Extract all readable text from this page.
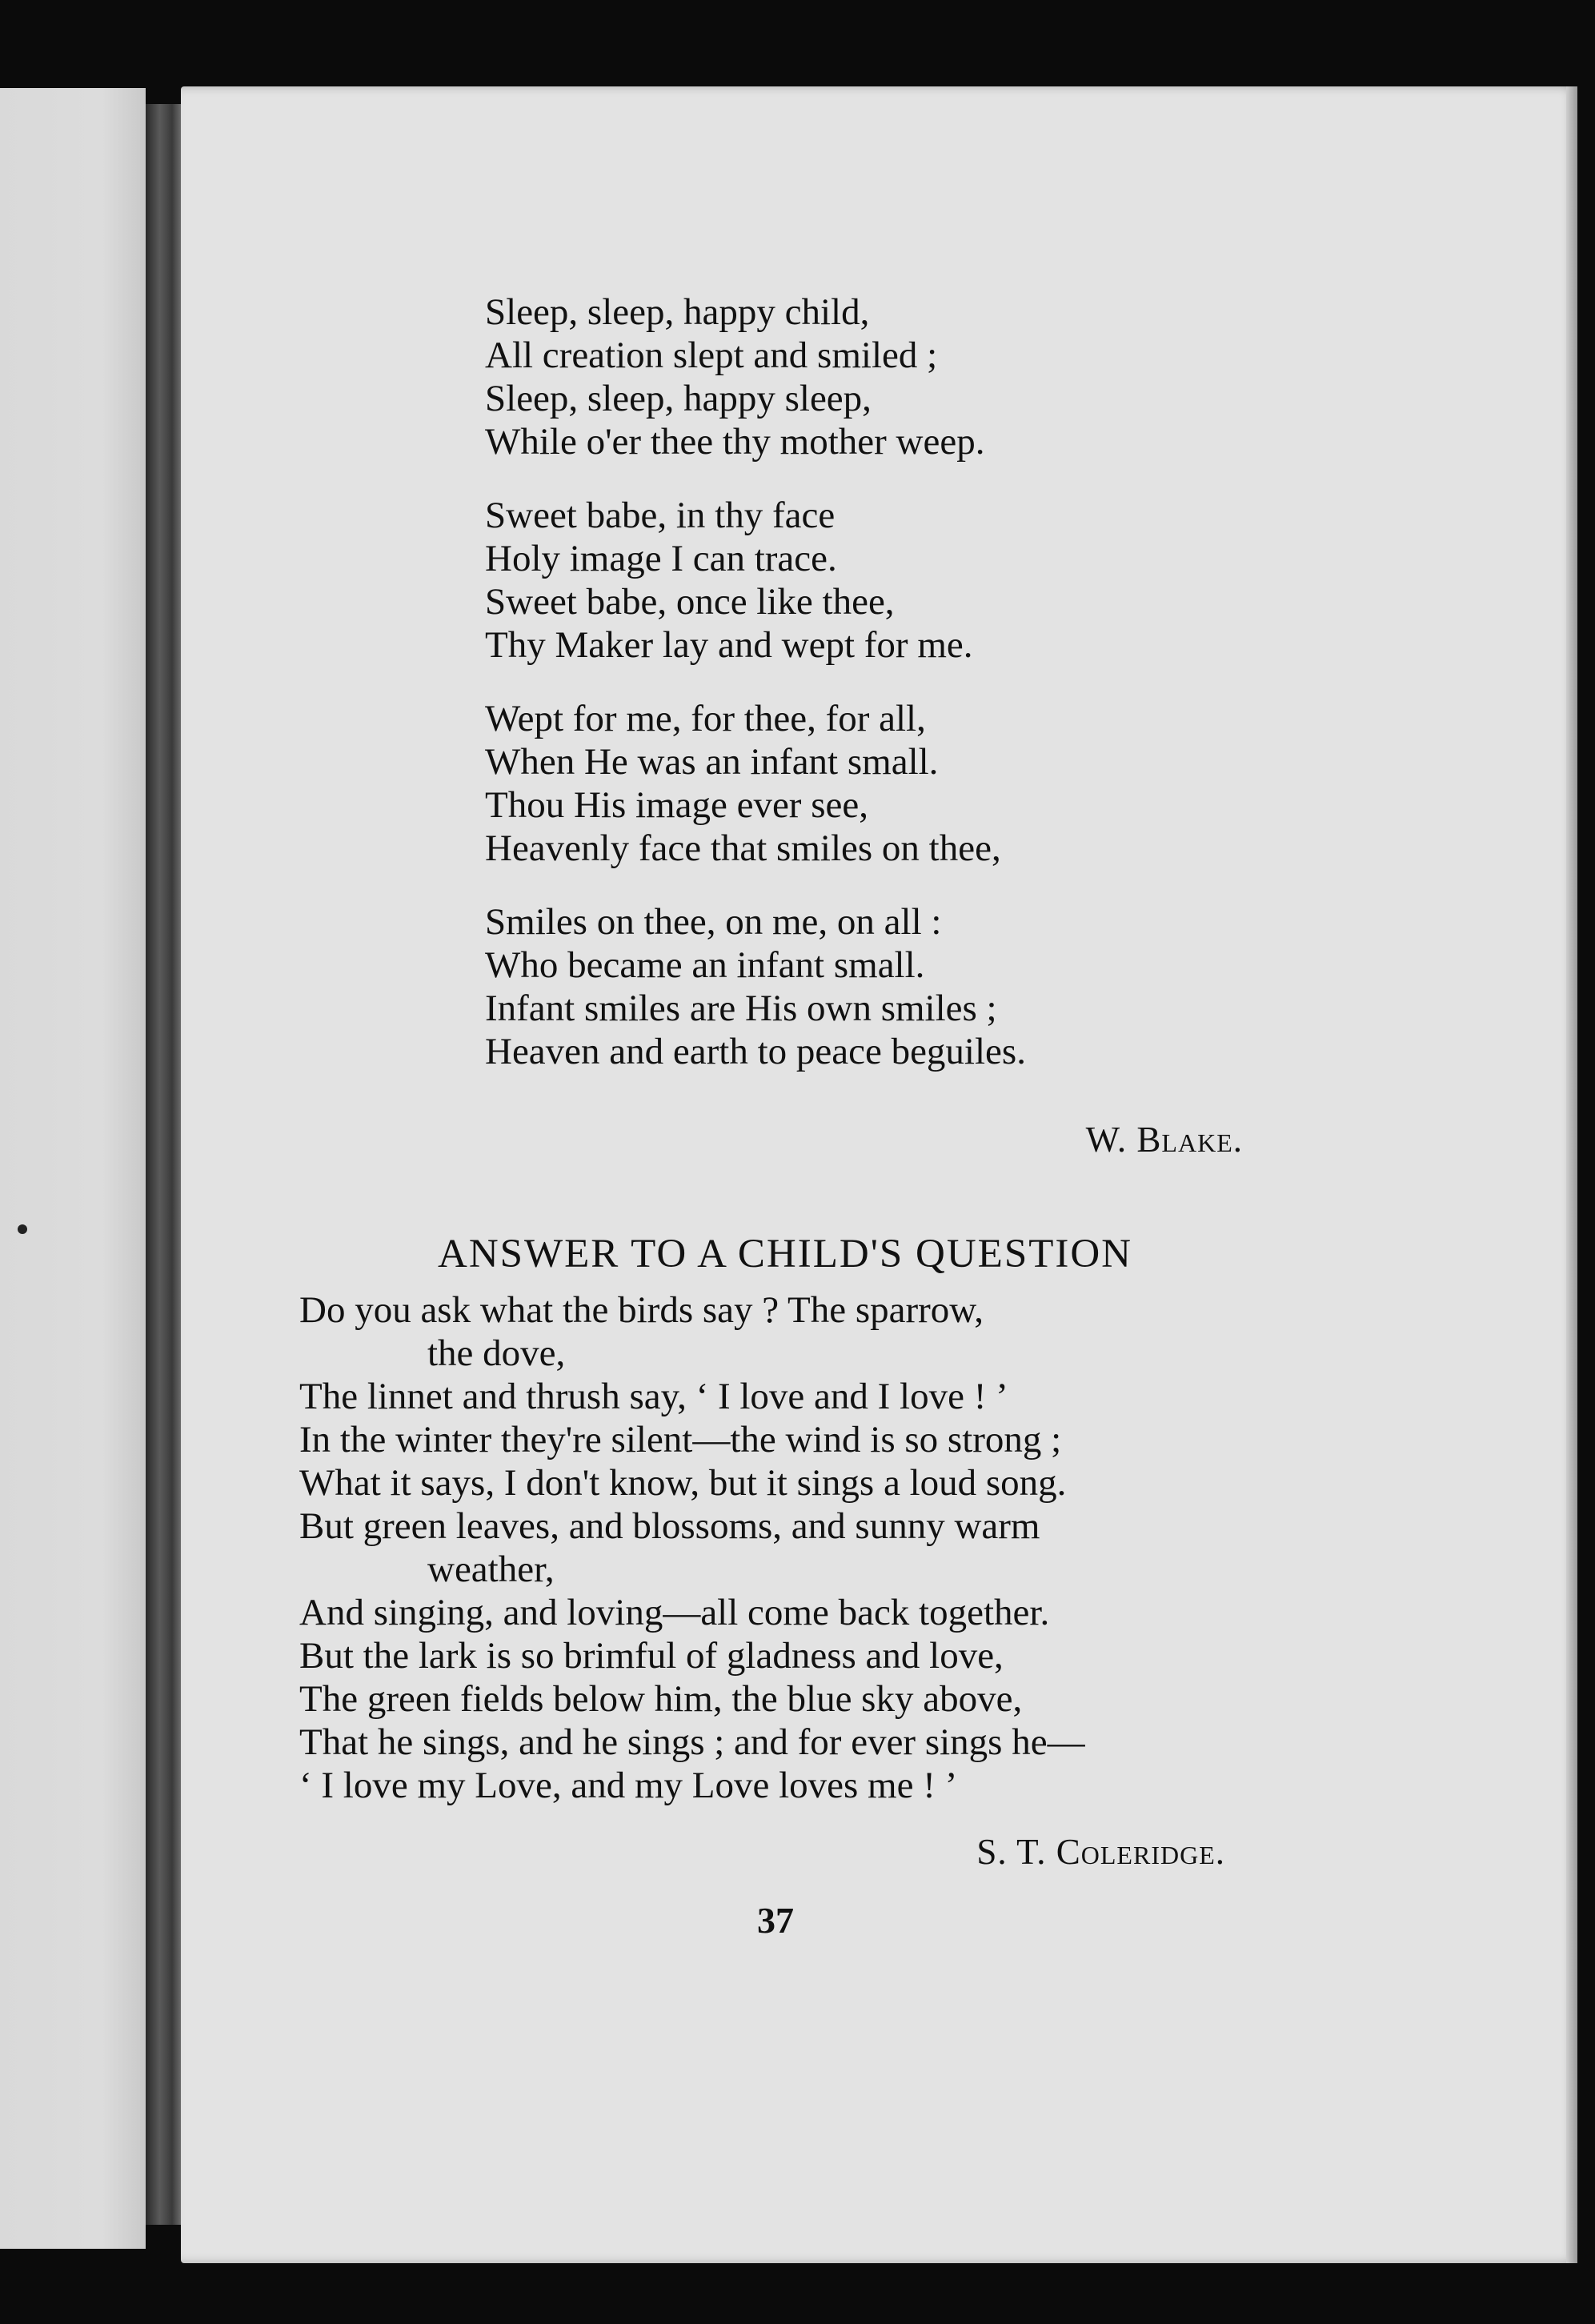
Sleep, sleep, happy child,
All creation slept and smiled ;
Sleep, sleep, happy sleep,
While o'er thee thy mother weep.
Sweet babe, in thy face
Holy image I can trace.
Sweet babe, once like thee,
Thy Maker lay and wept for me.
Wept for me, for thee, for all,
When He was an infant small.
Thou His image ever see,
Heavenly face that smiles on thee,
Smiles on thee, on me, on all :
Who became an infant small.
Infant smiles are His own smiles ;
Heaven and earth to peace beguiles.
W. Blake.
ANSWER TO A CHILD'S QUESTION
Do you ask what the birds say ? The sparrow,
the dove,
The linnet and thrush say, ‘ I love and I love ! ’
In the winter they're silent—the wind is so strong ;
What it says, I don't know, but it sings a loud song.
But green leaves, and blossoms, and sunny warm
weather,
And singing, and loving—all come back together.
But the lark is so brimful of gladness and love,
The green fields below him, the blue sky above,
That he sings, and he sings ; and for ever sings he—
‘ I love my Love, and my Love loves me ! ’
S. T. Coleridge.
37
